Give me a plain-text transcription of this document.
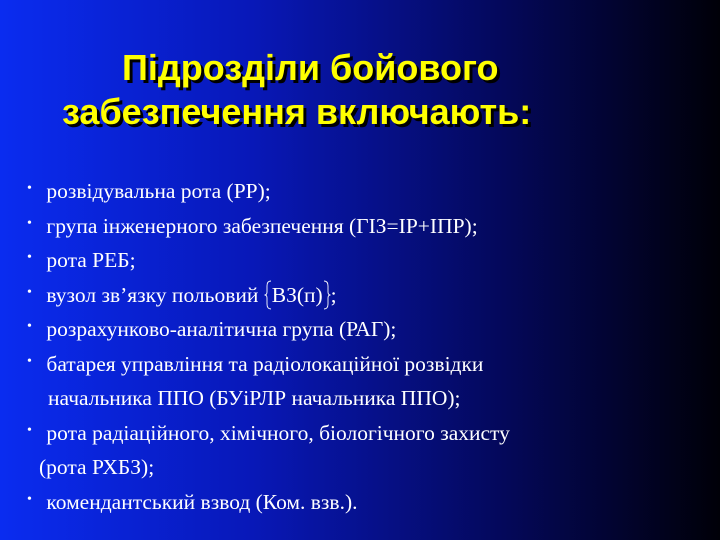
Підрозділи бойового
забезпечення включають:
• розвідувальна рота (РР);
• група інженерного забезпечення (ГІЗ=ІР+ІПР);
• рота РЕБ;
• вузол зв’язку польовий ВЗ(п) ;
• розрахунково-аналітична група (РАГ);
• батарея управління та радіолокаційної розвідки
начальника ППО (БУіРЛР начальника ППО);
• рота радіаційного, хімічного, біологічного захисту
(рота РХБЗ);
• комендантський взвод (Ком. взв.).
